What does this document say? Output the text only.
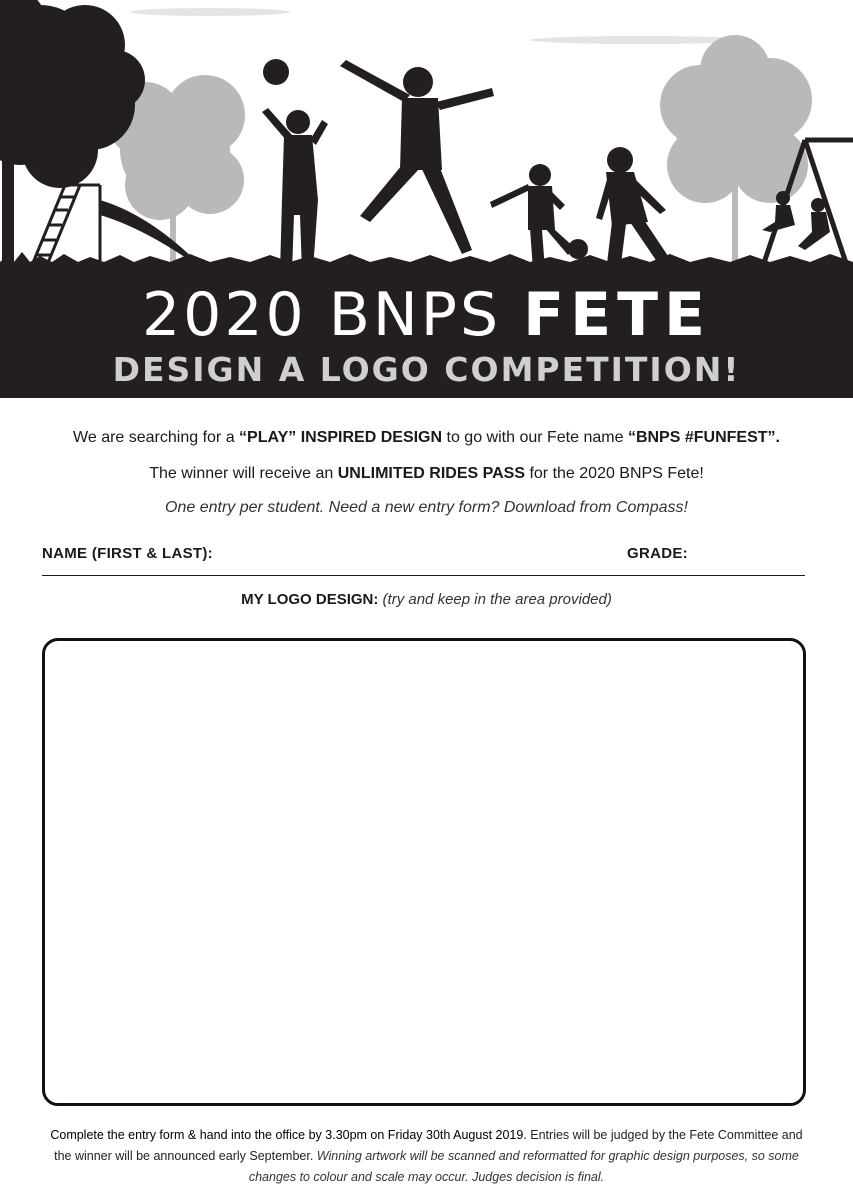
2020 BNPS FETE
DESIGN A LOGO COMPETITION!
We are searching for a “PLAY” INSPIRED DESIGN to go with our Fete name “BNPS #FUNFEST”.
The winner will receive an UNLIMITED RIDES PASS for the 2020 BNPS Fete!
One entry per student. Need a new entry form? Download from Compass!
NAME (FIRST & LAST):	GRADE:
MY LOGO DESIGN: (try and keep in the area provided)
Complete the entry form & hand into the office by 3.30pm on Friday 30th August 2019. Entries will be judged by the Fete Committee and the winner will be announced early September. Winning artwork will be scanned and reformatted for graphic design purposes, so some changes to colour and scale may occur. Judges decision is final.
